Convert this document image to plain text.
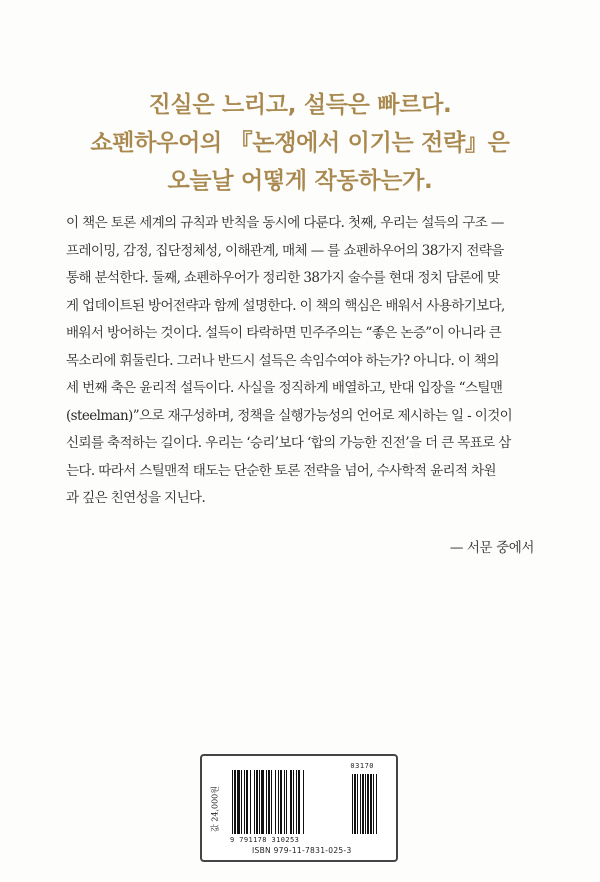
진실은 느리고, 설득은 빠르다.
쇼펜하우어의 『논쟁에서 이기는 전략』은
오늘날 어떻게 작동하는가.
이 책은 토론 세계의 규칙과 반칙을 동시에 다룬다. 첫째, 우리는 설득의 구조 —
프레이밍, 감정, 집단정체성, 이해관계, 매체 — 를 쇼펜하우어의 38가지 전략을
통해 분석한다. 둘째, 쇼펜하우어가 정리한 38가지 술수를 현대 정치 담론에 맞
게 업데이트된 방어전략과 함께 설명한다. 이 책의 핵심은 배워서 사용하기보다,
배워서 방어하는 것이다. 설득이 타락하면 민주주의는 “좋은 논증”이 아니라 큰
목소리에 휘둘린다. 그러나 반드시 설득은 속임수여야 하는가? 아니다. 이 책의
세 번째 축은 윤리적 설득이다. 사실을 정직하게 배열하고, 반대 입장을 “스틸맨
(steelman)”으로 재구성하며, 정책을 실행가능성의 언어로 제시하는 일 - 이것이
신뢰를 축적하는 길이다. 우리는 ‘승리’보다 ‘합의 가능한 진전’을 더 큰 목표로 삼
는다. 따라서 스틸맨적 태도는 단순한 토론 전략을 넘어, 수사학적 윤리적 차원
과 깊은 친연성을 지닌다.
— 서문 중에서
값 24,000원
03170
9 791178 310253
ISBN 979-11-7831-025-3
